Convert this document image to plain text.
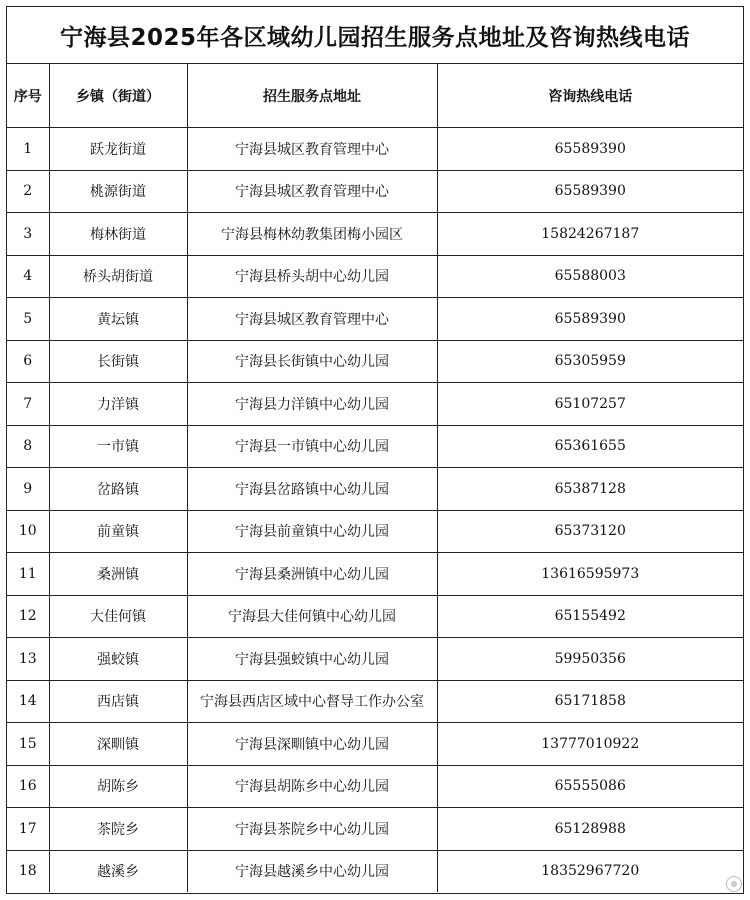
宁海县2025年各区域幼儿园招生服务点地址及咨询热线电话
序号	乡镇（街道）	招生服务点地址	咨询热线电话
1	跃龙街道	宁海县城区教育管理中心	65589390
2	桃源街道	宁海县城区教育管理中心	65589390
3	梅林街道	宁海县梅林幼教集团梅小园区	15824267187
4	桥头胡街道	宁海县桥头胡中心幼儿园	65588003
5	黄坛镇	宁海县城区教育管理中心	65589390
6	长街镇	宁海县长街镇中心幼儿园	65305959
7	力洋镇	宁海县力洋镇中心幼儿园	65107257
8	一市镇	宁海县一市镇中心幼儿园	65361655
9	岔路镇	宁海县岔路镇中心幼儿园	65387128
10	前童镇	宁海县前童镇中心幼儿园	65373120
11	桑洲镇	宁海县桑洲镇中心幼儿园	13616595973
12	大佳何镇	宁海县大佳何镇中心幼儿园	65155492
13	强蛟镇	宁海县强蛟镇中心幼儿园	59950356
14	西店镇	宁海县西店区域中心督导工作办公室	65171858
15	深甽镇	宁海县深甽镇中心幼儿园	13777010922
16	胡陈乡	宁海县胡陈乡中心幼儿园	65555086
17	茶院乡	宁海县茶院乡中心幼儿园	65128988
18	越溪乡	宁海县越溪乡中心幼儿园	18352967720
